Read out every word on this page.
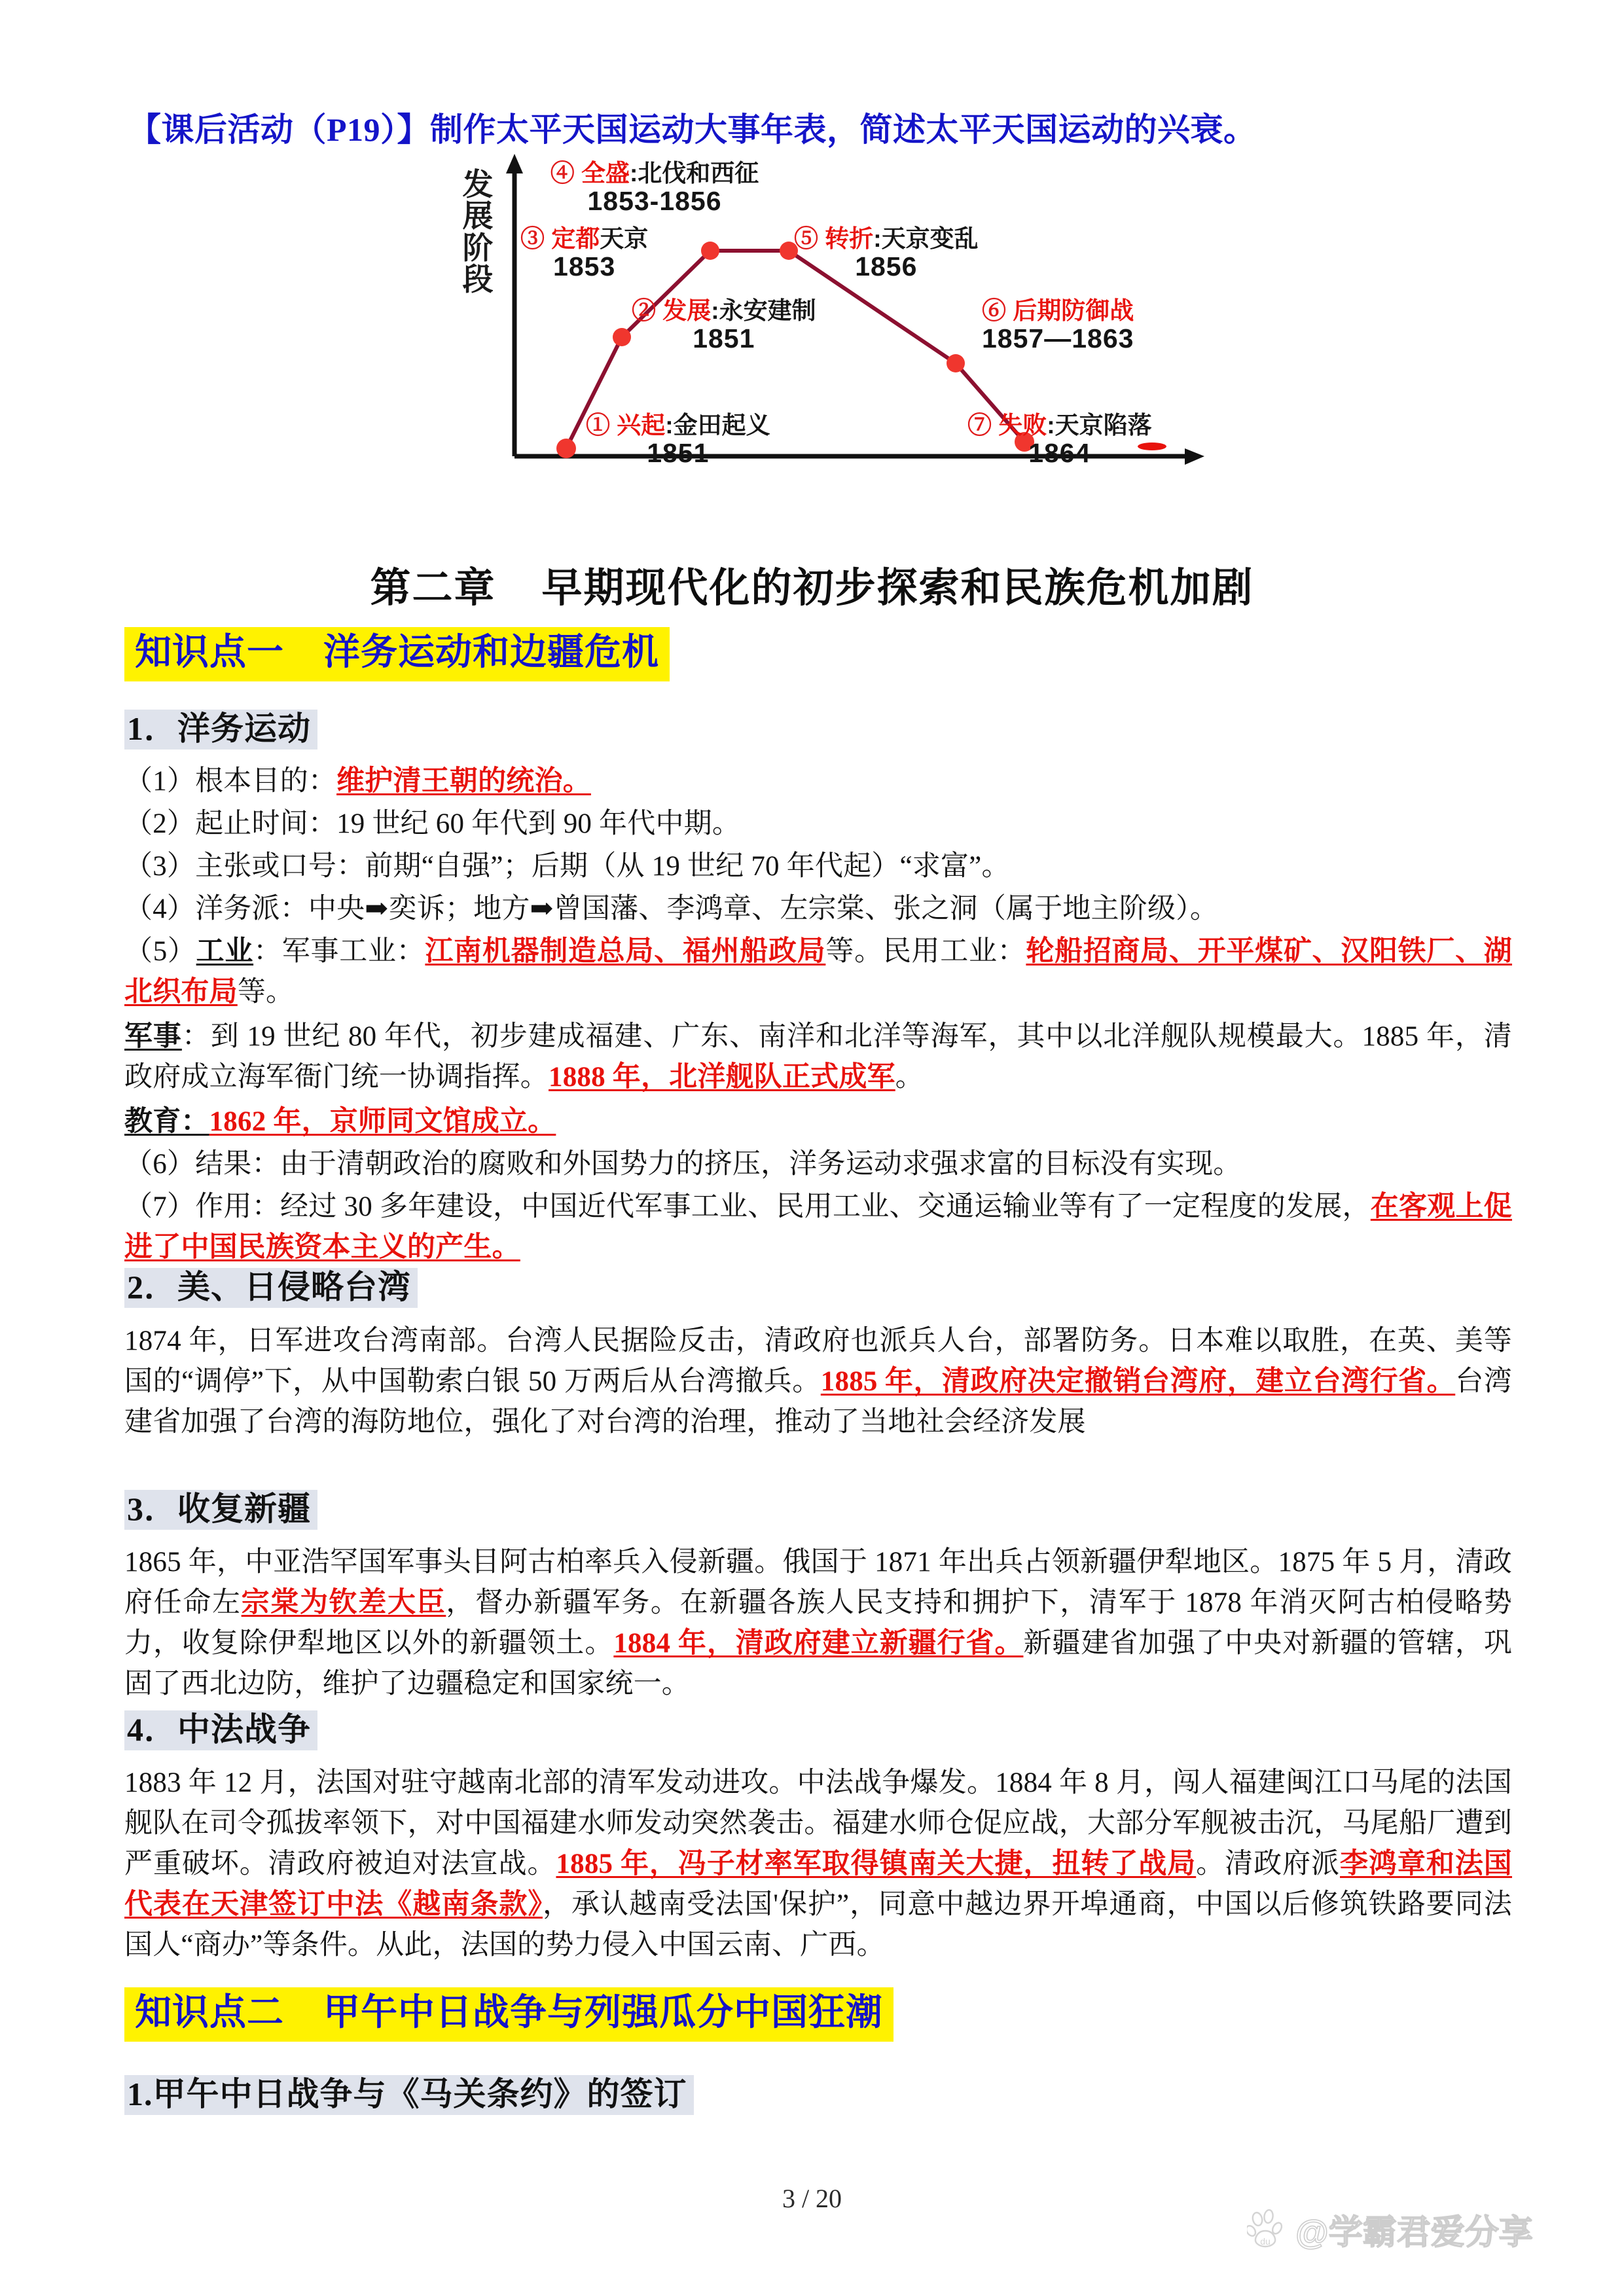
【课后活动（P19）】制作太平天国运动大事年表，简述太平天国运动的兴衰。
发
展
阶
段
④ 全盛:北伐和西征
1853-1856
③ 定都天京
1853
⑤ 转折:天京变乱
1856
② 发展:永安建制
1851
⑥ 后期防御战
1857—1863
① 兴起:金田起义
1851
⑦ 失败:天京陷落
1864
第二章 早期现代化的初步探索和民族危机加剧
知识点一 洋务运动和边疆危机
1．洋务运动
（1）根本目的：维护清王朝的统治。
（2）起止时间：19 世纪 60 年代到 90 年代中期。
（3）主张或口号：前期“自强”；后期（从 19 世纪 70 年代起）“求富”。
（4）洋务派：中央➡奕诉；地方➡曾国藩、李鸿章、左宗棠、张之洞（属于地主阶级）。
（5）工业：军事工业：江南机器制造总局、福州船政局等。民用工业：轮船招商局、开平煤矿、汉阳铁厂、湖北织布局等。
军事：到 19 世纪 80 年代，初步建成福建、广东、南洋和北洋等海军，其中以北洋舰队规模最大。1885 年，清政府成立海军衙门统一协调指挥。1888 年，北洋舰队正式成军。
教育：1862 年，京师同文馆成立。
（6）结果：由于清朝政治的腐败和外国势力的挤压，洋务运动求强求富的目标没有实现。
（7）作用：经过 30 多年建设，中国近代军事工业、民用工业、交通运输业等有了一定程度的发展，在客观上促进了中国民族资本主义的产生。
2．美、日侵略台湾
1874 年，日军进攻台湾南部。台湾人民据险反击，清政府也派兵人台，部署防务。日本难以取胜，在英、美等国的“调停”下，从中国勒索白银 50 万两后从台湾撤兵。1885 年，清政府决定撤销台湾府，建立台湾行省。台湾建省加强了台湾的海防地位，强化了对台湾的治理，推动了当地社会经济发展
3．收复新疆
1865 年，中亚浩罕国军事头目阿古柏率兵入侵新疆。俄国于 1871 年出兵占领新疆伊犁地区。1875 年 5 月，清政府任命左宗棠为钦差大臣，督办新疆军务。在新疆各族人民支持和拥护下，清军于 1878 年消灭阿古柏侵略势力，收复除伊犁地区以外的新疆领土。1884 年，清政府建立新疆行省。新疆建省加强了中央对新疆的管辖，巩固了西北边防，维护了边疆稳定和国家统一。
4．中法战争
1883 年 12 月，法国对驻守越南北部的清军发动进攻。中法战争爆发。1884 年 8 月，闯人福建闽江口马尾的法国舰队在司令孤拔率领下，对中国福建水师发动突然袭击。福建水师仓促应战，大部分军舰被击沉，马尾船厂遭到严重破坏。清政府被迫对法宣战。1885 年，冯子材率军取得镇南关大捷，扭转了战局。清政府派李鸿章和法国代表在天津签订中法《越南条款》，承认越南受法国'保护”，同意中越边界开埠通商，中国以后修筑铁路要同法国人“商办”等条件。从此，法国的势力侵入中国云南、广西。
知识点二 甲午中日战争与列强瓜分中国狂潮
1.甲午中日战争与《马关条约》的签订
3 / 20
du @学霸君爱分享
